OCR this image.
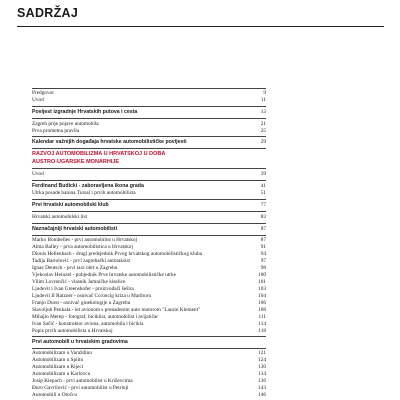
SADRŽAJ
Predgovor	9
Uvod	11
Povijest izgradnje Hrvatskih putova i cesta	13
Zagreb prije pojave automobila	21
Prva prometna pravila	25
Kalendar važnijih događaja hrvatske automobilističke povijesti	29
RAZVOJ AUTOMOBILIZMA U HRVATSKOJ U DOBA
AUSTRO-UGARSKE MONARHIJE
Uvod	39
Ferdinand Budicki - zaboravljena ikona grada	41
Ulrka posade balona Tursal i prvih automobilista	51
Prvi hrvatski automobilski klub	77
Hrvatski automobilski list	83
Naznačajniji hrvatski automobilisti	87
Marko Bombelles - prvi automobilist u Hrvatskoj	87
Alma Balley - prva automobilistica u Hrvatskoj	91
Dionis Hellenbach - drugi predsjednik Prvog hrvatskog automobilističkog kluba	94
Tadija Bartolović - prvi zagrebački autotaksist	97
Ignaz Deutsch - prvi taxi obrt u Zagrebu	98
Vjekoslav Heinzel - pobjednik Prve hrvatske automobilističke utrke	100
Vilim Lovrenčić - vlasnik Jamničke kiselice	101
Ljudevit i Ivan Greenshofer - proizvođači šešira	103
Ljudevit II Raizner - osnivač Ccroncig kriza u Mariboru	104
Franjo Durst - osnivač ginekologije u Zagrebu	106
Slavoljub Penkala - let avionom s prenadenim auto motorom "Laurin Klement"	108
Mihajlo Merep - fotograf, biciklist, automobilist i avijatičar	111
Ivan Sačić - konstruktor aviona, automobila i bicikla	114
Popis prvih automobilista u Hrvatskoj	118
Prvi automobili u hrvatskim gradovima
Automobilizam u Varaždinu	121
Automobilizam u Splitu	124
Automobilizam u Rijeci	130
Automobilizam u Karlovcu	134
Josip Kiepach - prvi automobilist u Križevcima	136
Đuro Gavrilović - prvi automobilist u Petrinji	143
Automobili u Otočcu	146
